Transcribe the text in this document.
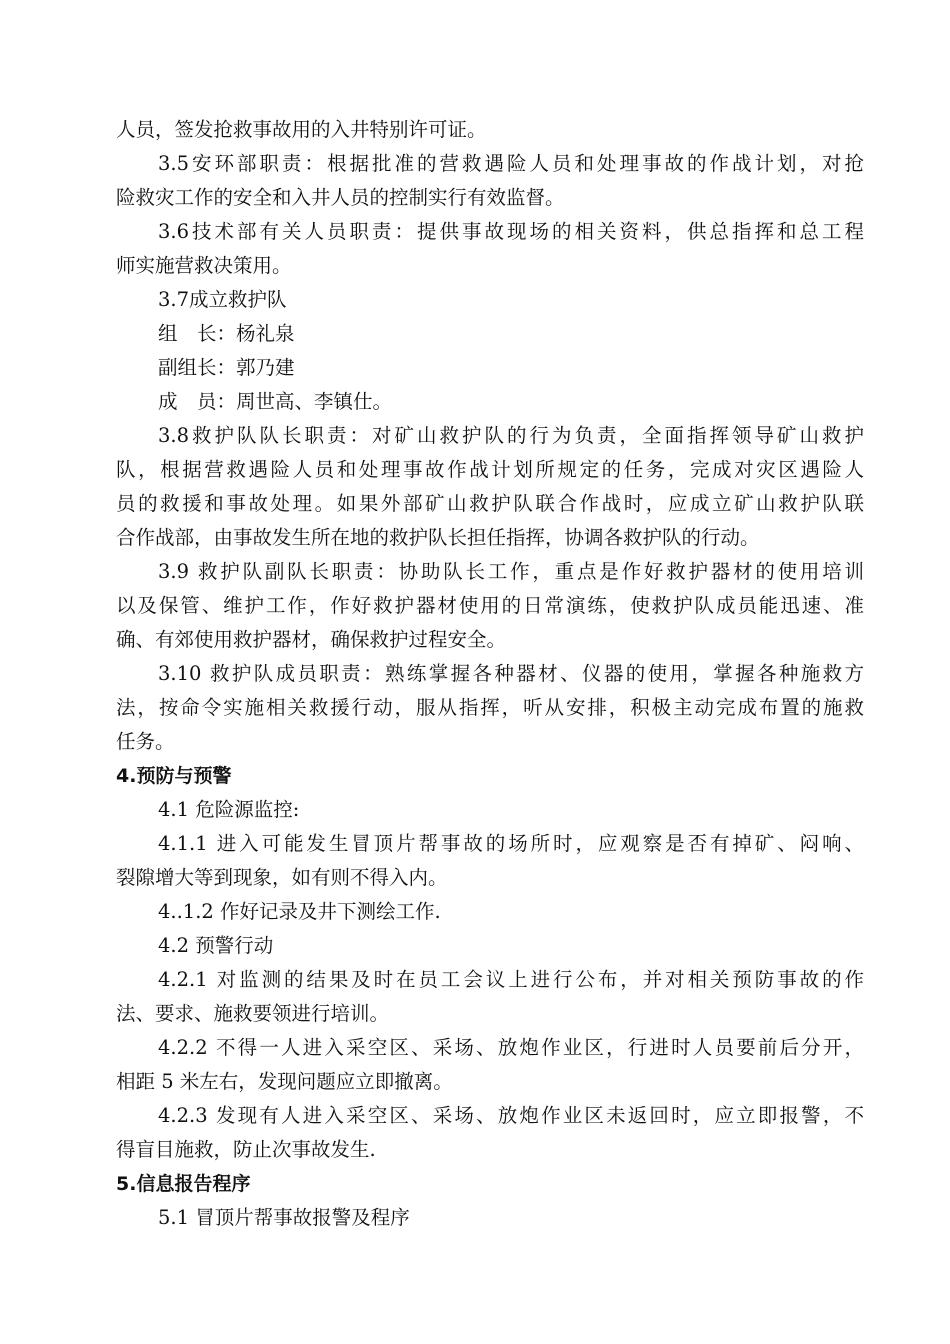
人员，签发抢救事故用的入井特别许可证。
3.5安环部职责：根据批准的营救遇险人员和处理事故的作战计划，对抢
险救灾工作的安全和入井人员的控制实行有效监督。
3.6技术部有关人员职责：提供事故现场的相关资料，供总指挥和总工程
师实施营救决策用。
3.7成立救护队
组　长：杨礼泉
副组长：郭乃建
成　员：周世高、李镇仕。
3.8救护队队长职责：对矿山救护队的行为负责，全面指挥领导矿山救护
队，根据营救遇险人员和处理事故作战计划所规定的任务，完成对灾区遇险人
员的救援和事故处理。如果外部矿山救护队联合作战时，应成立矿山救护队联
合作战部，由事故发生所在地的救护队长担任指挥，协调各救护队的行动。
3.9 救护队副队长职责：协助队长工作，重点是作好救护器材的使用培训
以及保管、维护工作，作好救护器材使用的日常演练，使救护队成员能迅速、准
确、有郊使用救护器材，确保救护过程安全。
3.10 救护队成员职责：熟练掌握各种器材、仪器的使用，掌握各种施救方
法，按命令实施相关救援行动，服从指挥，听从安排，积极主动完成布置的施救
任务。
4.预防与预警
4.1 危险源监控:
4.1.1 进入可能发生冒顶片帮事故的场所时，应观察是否有掉矿、闷响、
裂隙增大等到现象，如有则不得入内。
4..1.2 作好记录及井下测绘工作.
4.2 预警行动
4.2.1 对监测的结果及时在员工会议上进行公布，并对相关预防事故的作
法、要求、施救要领进行培训。
4.2.2 不得一人进入采空区、采场、放炮作业区，行进时人员要前后分开，
相距 5 米左右，发现问题应立即撤离。
4.2.3 发现有人进入采空区、采场、放炮作业区未返回时，应立即报警，不
得盲目施救，防止次事故发生.
5.信息报告程序
5.1 冒顶片帮事故报警及程序
